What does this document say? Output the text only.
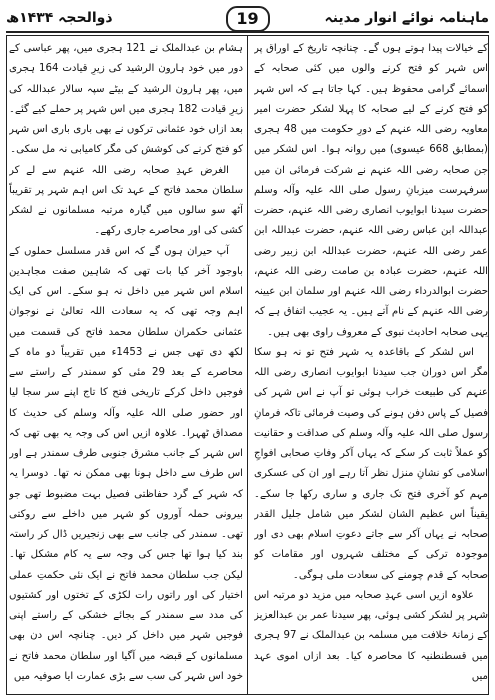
ذوالحجہ ۱۴۳۴ھ	ماہنامہ نوائے انوار مدینہ
19

کے خیالات پیدا ہوتے ہوں گے۔ چنانچہ تاریخ کے اوراق پر اس شہر کو فتح کرنے والوں میں کئی صحابہ کے اسمائے گرامی محفوظ ہیں۔ کہا جاتا ہے کہ اس شہر کو فتح کرنے کے لیے صحابہ کا پہلا لشکر حضرت امیر معاویہ رضی اللہ عنہم کے دورِ حکومت میں 48 ہجری (بمطابق 668 عیسوی) میں روانہ ہوا۔ اس لشکر میں جن صحابہ رضی اللہ عنہم نے شرکت فرمائی ان میں سرفہرست میزبانِ رسول صلی اللہ علیہ وآلہ وسلم حضرت سیدنا ابوایوب انصاری رضی اللہ عنہم، حضرت عبداللہ ابن عباس رضی اللہ عنہم، حضرت عبداللہ ابن عمر رضی اللہ عنہم، حضرت عبداللہ ابن زبیر رضی اللہ عنہم، حضرت عبادہ بن صامت رضی اللہ عنہم، حضرت ابوالدرداء رضی اللہ عنہم اور سلمان ابن عیینہ رضی اللہ عنہم کے نام آتے ہیں۔ یہ عجیب اتفاق ہے کہ یہی صحابہ احادیث نبوی کے معروف راوی بھی ہیں۔

اس لشکر کے باقاعدہ یہ شہر فتح تو نہ ہو سکا مگر اس دوران جب سیدنا ابوایوب انصاری رضی اللہ عنہم کی طبیعت خراب ہوئی تو آپ نے اس شہر کی فصیل کے پاس دفن ہونے کی وصیت فرمائی تاکہ فرمانِ رسول صلی اللہ علیہ وآلہ وسلم کی صداقت و حقانیت کو عملاً ثابت کر سکے کہ یہاں آکر وفاتِ صحابی افواجِ اسلامی کو نشانِ منزل نظر آتا رہے اور ان کی عسکری مہم کو آخری فتح تک جاری و ساری رکھا جا سکے۔ یقیناً اس عظیم الشان لشکر میں شامل جلیل القدر صحابہ نے یہاں آکر سے جاتے دعوتِ اسلام بھی دی اور موجودہ ترکی کے مختلف شہروں اور مقامات کو صحابہ کے قدم چومنے کی سعادت ملی ہوگی۔

علاوہ ازیں اسی عہدِ صحابہ میں مزید دو مرتبہ اس شہر پر لشکر کشی ہوئی، پھر سیدنا عمر بن عبدالعزیز کے زمانۂ خلافت میں مسلمہ بن عبدالملک نے 97 ہجری میں قسطنطنیہ کا محاصرہ کیا۔ بعد ازاں اموی عہد میں

ہشام بن عبدالملک نے 121 ہجری میں، پھر عباسی کے دور میں خود ہارون الرشید کی زیرِ قیادت 164 ہجری میں، پھر ہارون الرشید کے بیٹے سپہ سالار عبداللہ کی زیرِ قیادت 182 ہجری میں اس شہر پر حملے کیے گئے۔ بعد ازاں خود عثمانی ترکوں نے بھی باری باری اس شہر کو فتح کرنے کی کوشش کی مگر کامیابی نہ مل سکی۔

الغرض عہدِ صحابہ رضی اللہ عنہم سے لے کر سلطان محمد فاتح کے عہد تک اس اہم شہر پر تقریباً آٹھ سو سالوں میں گیارہ مرتبہ مسلمانوں نے لشکر کشی کی اور محاصرے جاری رکھے۔

آپ حیران ہوں گے کہ اس قدر مسلسل حملوں کے باوجود آخر کیا بات تھی کہ شاہین صفت مجاہدین اسلام اس شہر میں داخل نہ ہو سکے۔ اس کی ایک اہم وجہ تھی کہ یہ سعادت اللہ تعالیٰ نے نوجوان عثمانی حکمران سلطان محمد فاتح کی قسمت میں لکھ دی تھی جس نے 1453ء میں تقریباً دو ماہ کے محاصرے کے بعد 29 مئی کو سمندر کے راستے سے فوجیں داخل کرکے تاریخی فتح کا تاج اپنے سر سجا لیا اور حضور صلی اللہ علیہ وآلہ وسلم کی حدیث کا مصداق ٹھہرا۔ علاوہ ازیں اس کی وجہ یہ بھی تھی کہ اس شہر کے جانب مشرق جنوبی طرف سمندر ہے اور اس طرف سے داخل ہونا بھی ممکن نہ تھا۔ دوسرا یہ کہ شہر کے گرد حفاظتی فصیل بہت مضبوط تھی جو بیرونی حملہ آوروں کو شہر میں داخلے سے روکتی تھی۔ سمندر کی جانب سے بھی زنجیریں ڈال کر راستہ بند کیا ہوا تھا جس کی وجہ سے یہ کام مشکل تھا۔ لیکن جب سلطان محمد فاتح نے ایک نئی حکمتِ عملی اختیار کی اور راتوں رات لکڑی کے تختوں اور کشتیوں کی مدد سے سمندر کے بجائے خشکی کے راستے اپنی فوجیں شہر میں داخل کر دیں۔ چنانچہ اس دن بھی مسلمانوں کے قبضہ میں آگیا اور سلطان محمد فاتح نے خود اس شہر کی سب سے بڑی عمارت ایا صوفیہ میں
